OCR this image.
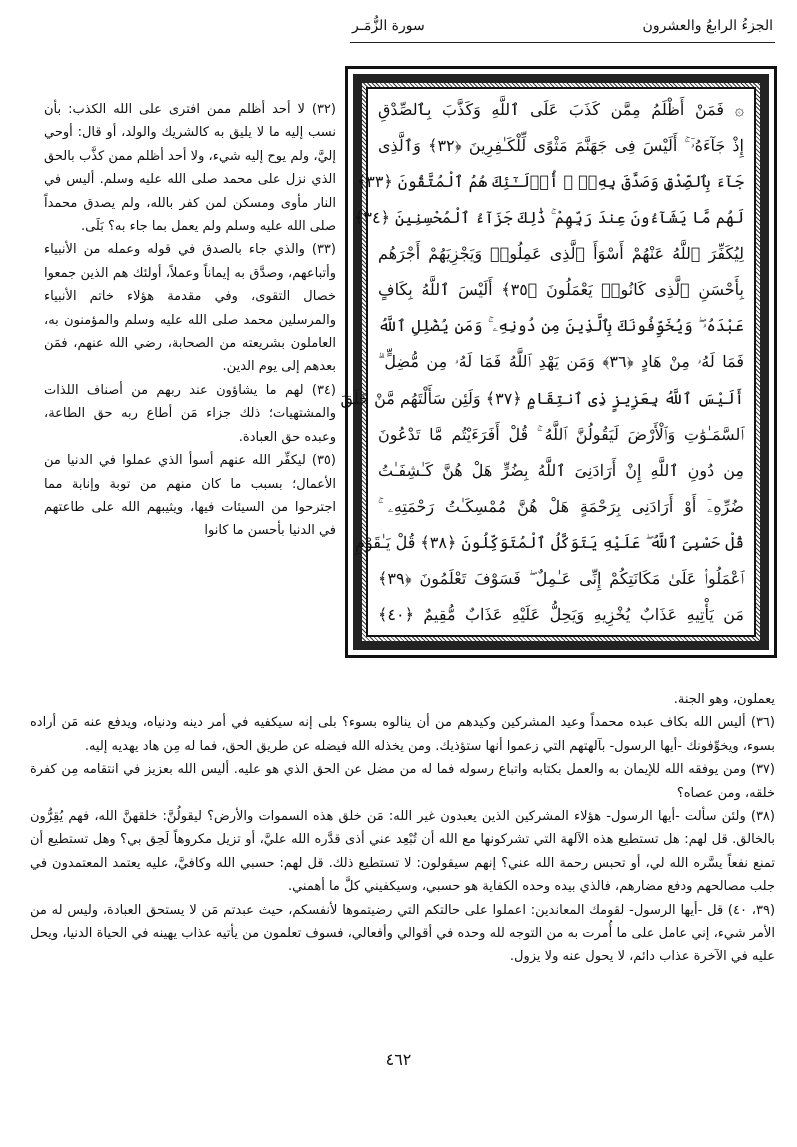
الجزءُ الرابعُ والعشرون
سورة الزُّمَـر
۞ فَمَنْ أَظْلَمُ مِمَّن كَذَبَ عَلَى ٱللَّهِ وَكَذَّبَ بِٱلصِّدْقِ
إِذْ جَآءَهُۥٓ ۚ أَلَيْسَ فِى جَهَنَّمَ مَثْوًى لِّلْكَـٰفِرِينَ ﴿٣٢﴾ وَٱلَّذِى
جَآءَ بِٱلصِّدْقِ وَصَدَّقَ بِهِۦٓ ۙ أُو۟لَـٰٓئِكَ هُمُ ٱلْمُتَّقُونَ ﴿٣٣﴾
لَهُم مَّا يَشَآءُونَ عِندَ رَبِّهِمْ ۚ ذَٰلِكَ جَزَآءُ ٱلْمُحْسِنِينَ ﴿٣٤﴾
لِيُكَفِّرَ ٱللَّهُ عَنْهُمْ أَسْوَأَ ٱلَّذِى عَمِلُوا۟ وَيَجْزِيَهُمْ أَجْرَهُم
بِأَحْسَنِ ٱلَّذِى كَانُوا۟ يَعْمَلُونَ ﴿٣٥﴾ أَلَيْسَ ٱللَّهُ بِكَافٍ
عَبْدَهُۥ ۖ وَيُخَوِّفُونَكَ بِٱلَّذِينَ مِن دُونِهِۦ ۚ وَمَن يُضْلِلِ ٱللَّهُ
فَمَا لَهُۥ مِنْ هَادٍ ﴿٣٦﴾ وَمَن يَهْدِ ٱللَّهُ فَمَا لَهُۥ مِن مُّضِلٍّ ۗ
أَلَيْسَ ٱللَّهُ بِعَزِيزٍ ذِى ٱنتِقَامٍ ﴿٣٧﴾ وَلَئِن سَأَلْتَهُم مَّنْ خَلَقَ
ٱلسَّمَـٰوَٰتِ وَٱلْأَرْضَ لَيَقُولُنَّ ٱللَّهُ ۚ قُلْ أَفَرَءَيْتُم مَّا تَدْعُونَ
مِن دُونِ ٱللَّهِ إِنْ أَرَادَنِىَ ٱللَّهُ بِضُرٍّ هَلْ هُنَّ كَـٰشِفَـٰتُ
ضُرِّهِۦٓ أَوْ أَرَادَنِى بِرَحْمَةٍ هَلْ هُنَّ مُمْسِكَـٰتُ رَحْمَتِهِۦ ۚ
قُلْ حَسْبِىَ ٱللَّهُ ۖ عَلَيْهِ يَتَوَكَّلُ ٱلْمُتَوَكِّلُونَ ﴿٣٨﴾ قُلْ يَـٰقَوْمِ
ٱعْمَلُوا۟ عَلَىٰ مَكَانَتِكُمْ إِنِّى عَـٰمِلٌ ۖ فَسَوْفَ تَعْلَمُونَ ﴿٣٩﴾
مَن يَأْتِيهِ عَذَابٌ يُخْزِيهِ وَيَحِلُّ عَلَيْهِ عَذَابٌ مُّقِيمٌ ﴿٤٠﴾

(٣٢) لا أحد أظلم ممن افترى على الله الكذب: بأن نسب إليه ما لا يليق به كالشريك والولد، أو قال: أوحي إليَّ، ولم يوح إليه شيء، ولا أحد أظلم ممن كذَّب بالحق الذي نزل على محمد صلى الله عليه وسلم. أليس في النار مأوى ومسكن لمن كفر بالله، ولم يصدق محمداً صلى الله عليه وسلم ولم يعمل بما جاء به؟ بَلَى.

(٣٣) والذي جاء بالصدق في قوله وعمله من الأنبياء وأتباعهم، وصدَّق به إيماناً وعملاً، أولئك هم الذين جمعوا خصال التقوى، وفي مقدمة هؤلاء خاتم الأنبياء والمرسلين محمد صلى الله عليه وسلم والمؤمنون به، العاملون بشريعته من الصحابة، رضي الله عنهم، فمَن بعدهم إلى يوم الدين.

(٣٤) لهم ما يشاؤون عند ربهم من أصناف اللذات والمشتهيات؛ ذلك جزاء مَن أطاع ربه حق الطاعة، وعبده حق العبادة.

(٣٥) ليكفِّر الله عنهم أسوأ الذي عملوا في الدنيا من الأعمال؛ بسبب ما كان منهم من توبة وإنابة مما اجترحوا من السيئات فيها، ويثيبهم الله على طاعتهم في الدنيا بأحسن ما كانوا

يعملون، وهو الجنة.

(٣٦) أليس الله بكاف عبده محمداً وعيد المشركين وكيدهم من أن ينالوه بسوء؟ بلى إنه سيكفيه في أمر دينه ودنياه، ويدفع عنه مَن أراده بسوء، ويخوِّفونك -أيها الرسول- بآلهتهم التي زعموا أنها ستؤذيك. ومن يخذله الله فيضله عن طريق الحق، فما له مِن هاد يهديه إليه.

(٣٧) ومن يوفقه الله للإيمان به والعمل بكتابه واتباع رسوله فما له من مضل عن الحق الذي هو عليه. أليس الله بعزيز في انتقامه مِن كفرة خلقه، ومن عصاه؟

(٣٨) ولئن سألت -أيها الرسول- هؤلاء المشركين الذين يعبدون غير الله: مَن خلق هذه السموات والأرض؟ ليقولُنَّ: خلقهنَّ الله، فهم يُقِرُّون بالخالق. قل لهم: هل تستطيع هذه الآلهة التي تشركونها مع الله أن تُبْعِد عني أذى قدَّره الله عليَّ، أو تزيل مكروهاً لَحِق بي؟ وهل تستطيع أن تمنع نفعاً يسَّره الله لي، أو تحبس رحمة الله عني؟ إنهم سيقولون: لا تستطيع ذلك. قل لهم: حسبي الله وكافيَّ، عليه يعتمد المعتمدون في جلب مصالحهم ودفع مضارهم، فالذي بيده وحده الكفاية هو حسبي، وسيكفيني كلَّ ما أهمني.

(٣٩، ٤٠) قل -أيها الرسول- لقومك المعاندين: اعملوا على حالتكم التي رضيتموها لأنفسكم، حيث عبدتم مَن لا يستحق العبادة، وليس له من الأمر شيء، إني عامل على ما أُمرت به من التوجه لله وحده في أقوالي وأفعالي، فسوف تعلمون من يأتيه عذاب يهينه في الحياة الدنيا، ويحل عليه في الآخرة عذاب دائم، لا يحول عنه ولا يزول.

٤٦٢
